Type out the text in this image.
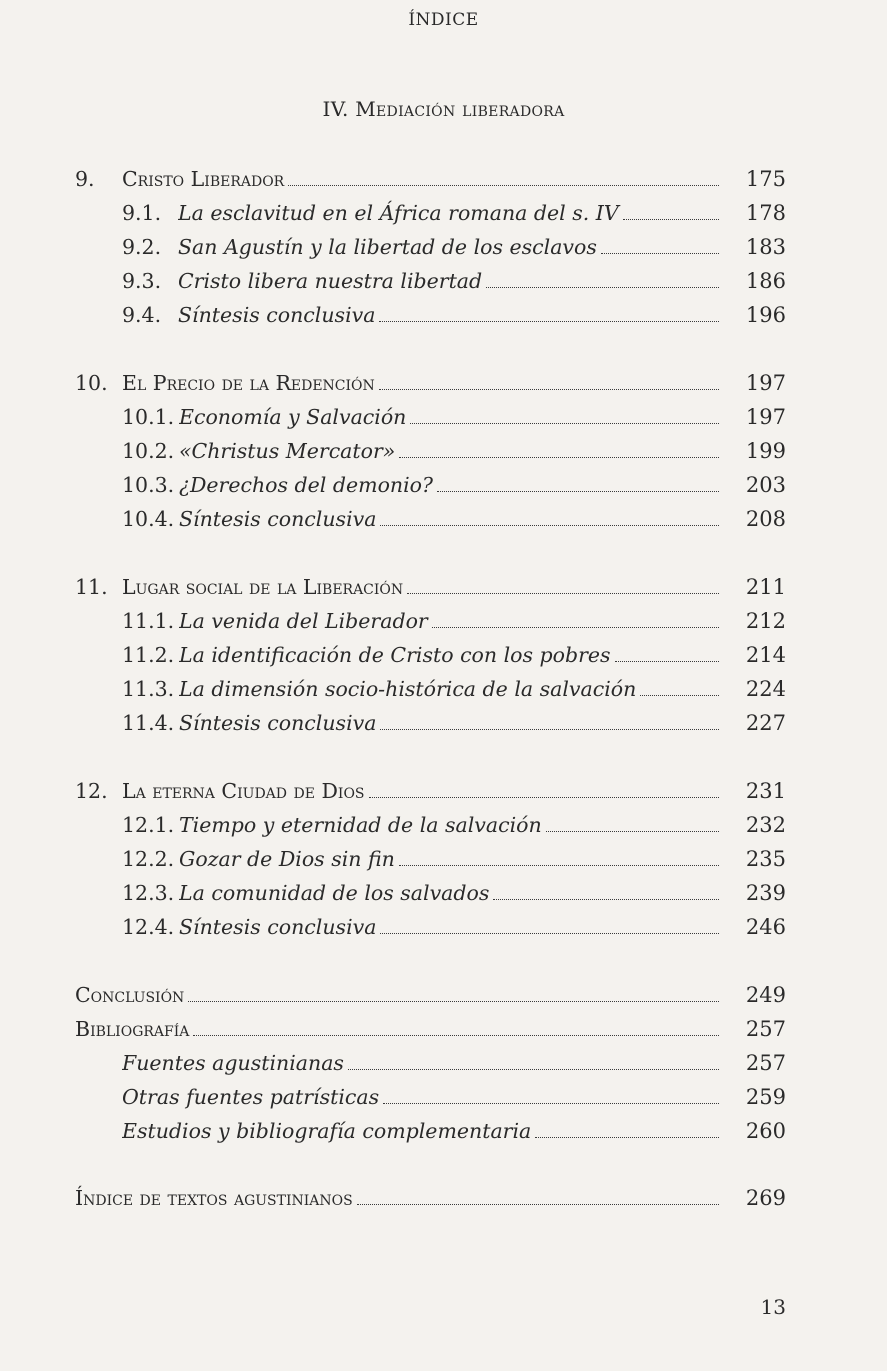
ÍNDICE
IV. Mediación liberadora
9. Cristo Liberador	175
9.1. La esclavitud en el África romana del s. IV	178
9.2. San Agustín y la libertad de los esclavos	183
9.3. Cristo libera nuestra libertad	186
9.4. Síntesis conclusiva	196
10. El Precio de la Redención	197
10.1. Economía y Salvación	197
10.2. «Christus Mercator»	199
10.3. ¿Derechos del demonio?	203
10.4. Síntesis conclusiva	208
11. Lugar social de la Liberación	211
11.1. La venida del Liberador	212
11.2. La identificación de Cristo con los pobres	214
11.3. La dimensión socio-histórica de la salvación	224
11.4. Síntesis conclusiva	227
12. La eterna Ciudad de Dios	231
12.1. Tiempo y eternidad de la salvación	232
12.2. Gozar de Dios sin fin	235
12.3. La comunidad de los salvados	239
12.4. Síntesis conclusiva	246
Conclusión	249
Bibliografía	257
Fuentes agustinianas	257
Otras fuentes patrísticas	259
Estudios y bibliografía complementaria	260
Índice de textos agustinianos	269
13
